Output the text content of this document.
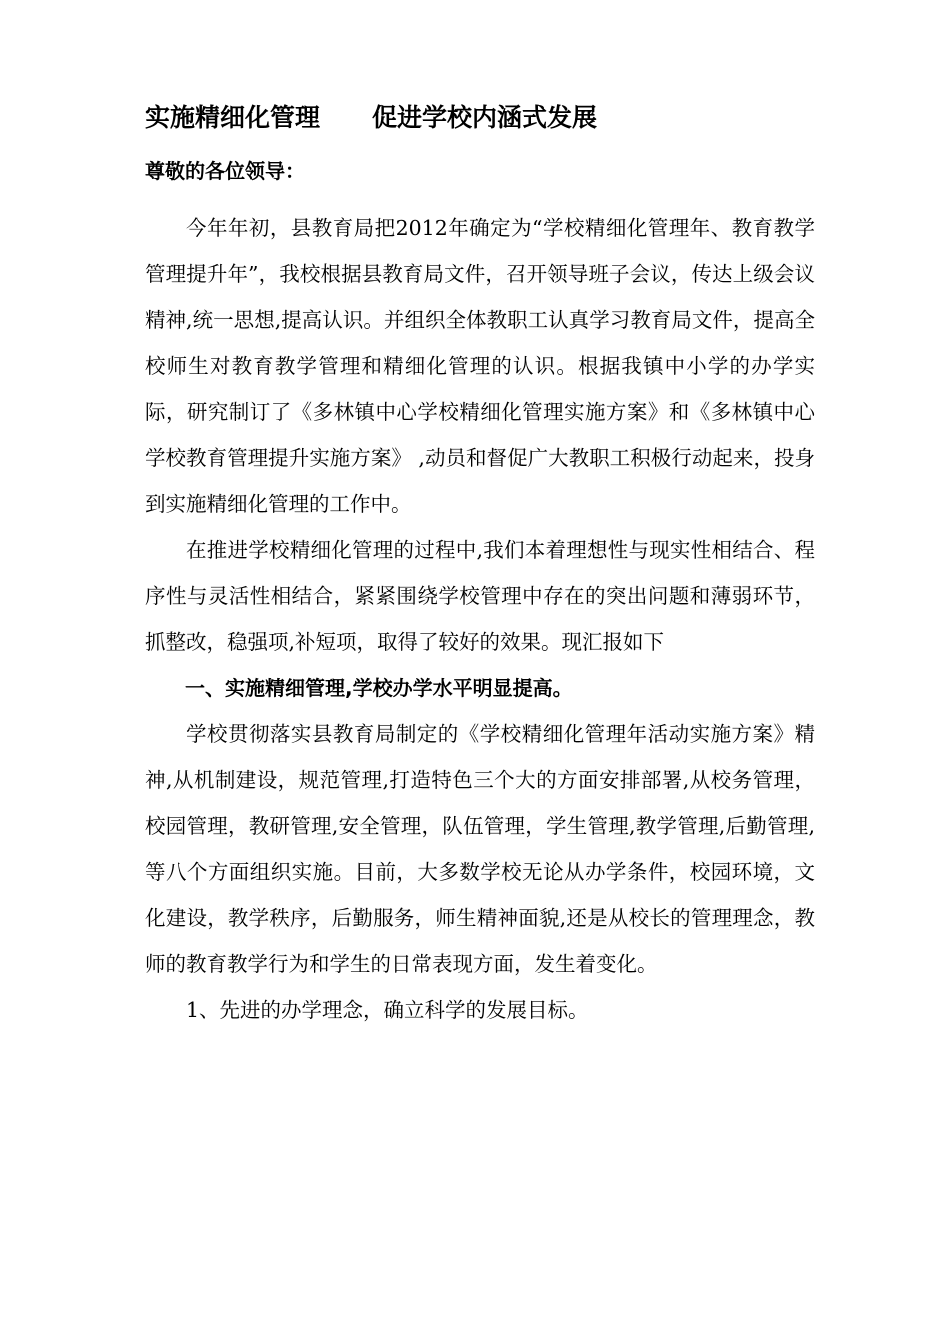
实施精细化管理 促进学校内涵式发展
尊敬的各位领导：

今年年初，县教育局把2012年确定为“学校精细化管理年、教育教学管理提升年”，我校根据县教育局文件，召开领导班子会议，传达上级会议精神,统一思想,提高认识。并组织全体教职工认真学习教育局文件，提高全校师生对教育教学管理和精细化管理的认识。根据我镇中小学的办学实际，研究制订了《多林镇中心学校精细化管理实施方案》和《多林镇中心学校教育管理提升实施方案》 ,动员和督促广大教职工积极行动起来，投身到实施精细化管理的工作中。

在推进学校精细化管理的过程中,我们本着理想性与现实性相结合、程序性与灵活性相结合，紧紧围绕学校管理中存在的突出问题和薄弱环节，抓整改，稳强项,补短项，取得了较好的效果。现汇报如下

一、实施精细管理,学校办学水平明显提高。

学校贯彻落实县教育局制定的《学校精细化管理年活动实施方案》精神,从机制建设，规范管理,打造特色三个大的方面安排部署,从校务管理，校园管理，教研管理,安全管理，队伍管理，学生管理,教学管理,后勤管理,等八个方面组织实施。目前，大多数学校无论从办学条件，校园环境，文化建设，教学秩序，后勤服务，师生精神面貌,还是从校长的管理理念，教师的教育教学行为和学生的日常表现方面，发生着变化。

1、先进的办学理念，确立科学的发展目标。
